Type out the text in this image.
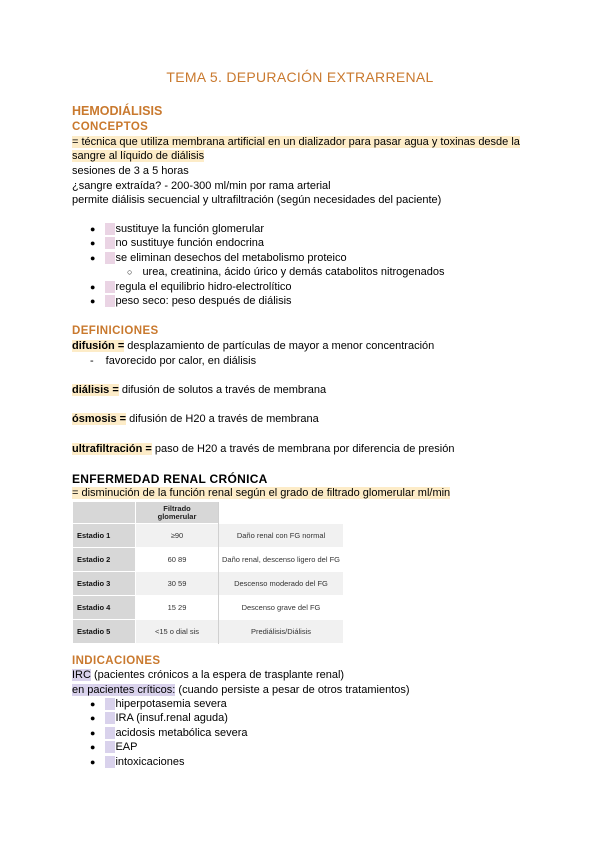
TEMA 5. DEPURACIÓN EXTRARRENAL
HEMODIÁLISIS
CONCEPTOS
= técnica que utiliza membrana artificial en un dializador para pasar agua y toxinas desde la
sangre al líquido de diálisis
sesiones de 3 a 5 horas
¿sangre extraída? - 200-300 ml/min por rama arterial
permite diálisis secuencial y ultrafiltración (según necesidades del paciente)
● sustituye la función glomerular
● no sustituye función endocrina
● se eliminan desechos del metabolismo proteico
○ urea, creatinina, ácido úrico y demás catabolitos nitrogenados
● regula el equilibrio hidro-electrolítico
● peso seco: peso después de diálisis
DEFINICIONES
difusión = desplazamiento de partículas de mayor a menor concentración
- favorecido por calor, en diálisis
diálisis = difusión de solutos a través de membrana
ósmosis = difusión de H20 a través de membrana
ultrafiltración = paso de H20 a través de membrana por diferencia de presión
ENFERMEDAD RENAL CRÓNICA
= disminución de la función renal según el grado de filtrado glomerular ml/min
	Filtrado glomerular	
Estadio 1	≥90	Daño renal con FG normal
Estadio 2	60 89	Daño renal, descenso ligero del FG
Estadio 3	30 59	Descenso moderado del FG
Estadio 4	15 29	Descenso grave del FG
Estadio 5	<15 o dial sis	Prediálisis/Diálisis
INDICACIONES
IRC (pacientes crónicos a la espera de trasplante renal)
en pacientes críticos: (cuando persiste a pesar de otros tratamientos)
● hiperpotasemia severa
● IRA (insuf.renal aguda)
● acidosis metabólica severa
● EAP
● intoxicaciones
